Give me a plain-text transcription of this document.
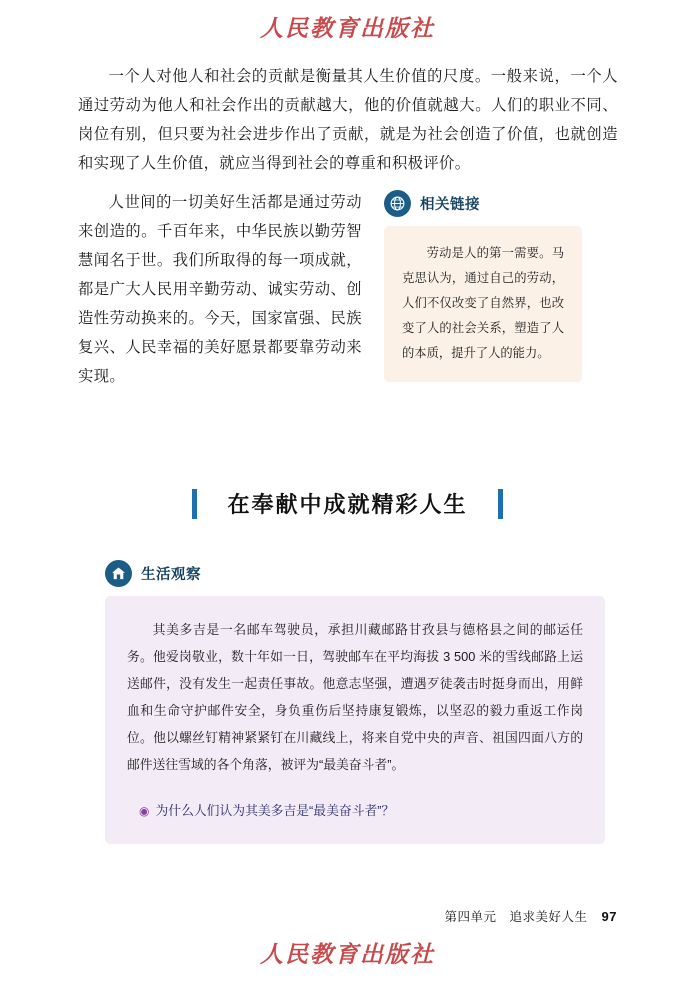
人民教育出版社

一个人对他人和社会的贡献是衡量其人生价值的尺度。一般来说，一个人通过劳动为他人和社会作出的贡献越大，他的价值就越大。人们的职业不同、岗位有别，但只要为社会进步作出了贡献，就是为社会创造了价值，也就创造和实现了人生价值，就应当得到社会的尊重和积极评价。

人世间的一切美好生活都是通过劳动来创造的。千百年来，中华民族以勤劳智慧闻名于世。我们所取得的每一项成就，都是广大人民用辛勤劳动、诚实劳动、创造性劳动换来的。今天，国家富强、民族复兴、人民幸福的美好愿景都要靠劳动来实现。

相关链接

劳动是人的第一需要。马克思认为，通过自己的劳动，人们不仅改变了自然界，也改变了人的社会关系，塑造了人的本质，提升了人的能力。

在奉献中成就精彩人生
生活观察

其美多吉是一名邮车驾驶员，承担川藏邮路甘孜县与德格县之间的邮运任务。他爱岗敬业，数十年如一日，驾驶邮车在平均海拔 3 500 米的雪线邮路上运送邮件，没有发生一起责任事故。他意志坚强，遭遇歹徒袭击时挺身而出，用鲜血和生命守护邮件安全，身负重伤后坚持康复锻炼，以坚忍的毅力重返工作岗位。他以螺丝钉精神紧紧钉在川藏线上，将来自党中央的声音、祖国四面八方的邮件送往雪域的各个角落，被评为“最美奋斗者”。

◉ 为什么人们认为其美多吉是“最美奋斗者”？
第四单元　追求美好人生 97
人民教育出版社
